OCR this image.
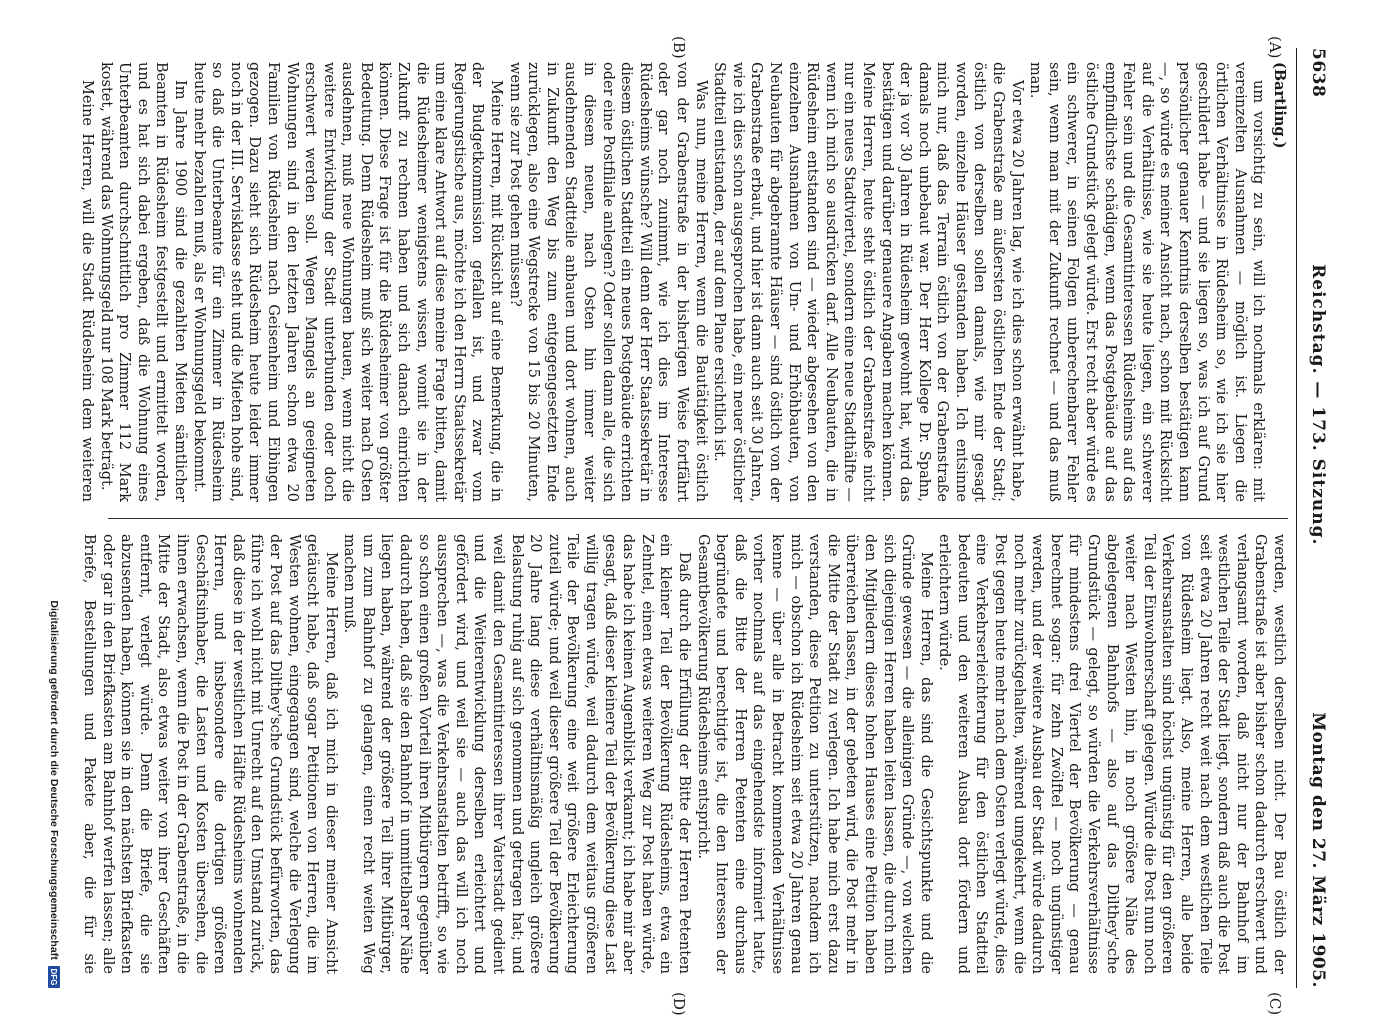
5638
Reichstag. — 173. Sitzung.
Montag den 27. März 1905.
(A)
(B)
(C)
(D)

(Bartling.)

um vorsichtig zu sein, will ich nochmals erklären: mit vereinzelten Ausnahmen — möglich ist. Liegen die örtlichen Verhältnisse in Rüdesheim so, wie ich sie hier geschildert habe — und sie liegen so, was ich auf Grund persönlicher genauer Kenntnis derselben bestätigen kann —, so würde es meiner Ansicht nach, schon mit Rücksicht auf die Verhältnisse, wie sie heute liegen, ein schwerer Fehler sein und die Gesamtinteressen Rüdesheims auf das empfindlichste schädigen, wenn das Postgebäude auf das östliche Grundstück gelegt würde. Erst recht aber würde es ein schwerer, in seinen Folgen unberechenbarer Fehler sein, wenn man mit der Zukunft rechnet — und das muß man.

Vor etwa 20 Jahren lag, wie ich dies schon erwähnt habe, die Grabenstraße am äußersten östlichen Ende der Stadt; östlich von derselben sollen damals, wie mir gesagt worden, einzelne Häuser gestanden haben. Ich entsinne mich nur, daß das Terrain östlich von der Grabenstraße damals noch unbebaut war. Der Herr Kollege Dr. Spahn, der ja vor 30 Jahren in Rüdesheim gewohnt hat, wird das bestätigen und darüber genauere Angaben machen können. Meine Herren, heute steht östlich der Grabenstraße nicht nur ein neues Stadtviertel, sondern eine neue Stadthälfte — wenn ich mich so ausdrücken darf. Alle Neubauten, die in Rüdesheim entstanden sind — wieder abgesehen von den einzelnen Ausnahmen von Um- und Erhöhbauten, von Neubauten für abgebrannte Häuser — sind östlich von der Grabenstraße erbaut, und hier ist dann auch seit 30 Jahren, wie ich dies schon ausgesprochen habe, ein neuer östlicher Stadtteil entstanden, der auf dem Plane ersichtlich ist.

Was nun, meine Herren, wenn die Bautätigkeit östlich von der Grabenstraße in der bisherigen Weise fortfährt oder gar noch zunimmt, wie ich dies im Interesse Rüdesheims wünsche? Will denn der Herr Staatssekretär in diesem östlichen Stadtteil ein neues Postgebäude errichten oder eine Postfiliale anlegen? Oder sollen dann alle, die sich in diesem neuen, nach Osten hin immer weiter ausdehnenden Stadtteile anbauen und dort wohnen, auch in Zukunft den Weg bis zum entgegengesetzten Ende zurücklegen, also eine Wegstrecke von 15 bis 20 Minuten, wenn sie zur Post gehen müssen?

Meine Herren, mit Rücksicht auf eine Bemerkung, die in der Budgetkommission gefallen ist, und zwar vom Regierungstische aus, möchte ich den Herrn Staatssekretär um eine klare Antwort auf diese meine Frage bitten, damit die Rüdesheimer wenigstens wissen, womit sie in der Zukunft zu rechnen haben und sich danach einrichten können. Diese Frage ist für die Rüdesheimer von größter Bedeutung. Denn Rüdesheim muß sich weiter nach Osten ausdehnen, muß neue Wohnungen bauen, wenn nicht die weitere Entwicklung der Stadt unterbunden oder doch erschwert werden soll. Wegen Mangels an geeigneten Wohnungen sind in den letzten Jahren schon etwa 20 Familien von Rüdesheim nach Geisenheim und Eibingen gezogen. Dazu sieht sich Rüdesheim heute leider immer noch in der III. Servisklasse steht und die Mieten hohe sind, so daß die Unterbeamte für ein Zimmer in Rüdesheim heute mehr bezahlen muß, als er Wohnungsgeld bekommt.

Im Jahre 1900 sind die gezahlten Mieten sämtlicher Beamten in Rüdesheim festgestellt und ermittelt worden, und es hat sich dabei ergeben, daß die Wohnung eines Unterbeamten durchschnittlich pro Zimmer 112 Mark kostet, während das Wohnungsgeld nur 108 Mark beträgt.

Meine Herren, will die Stadt Rüdesheim dem weiteren

werden, westlich derselben nicht. Der Bau östlich der Grabenstraße ist aber bisher schon dadurch erschwert und verlangsamt worden, daß nicht nur der Bahnhof im westlichen Teile der Stadt liegt, sondern daß auch die Post seit etwa 20 Jahren recht weit nach dem westlichen Teile von Rüdesheim liegt. Also, meine Herren, alle beide Verkehrsanstalten sind höchst ungünstig für den größeren Teil der Einwohnerschaft gelegen. Würde die Post nun noch weiter nach Westen hin, in noch größere Nähe des abgelegenen Bahnhofs — also auf das Dilthey'sche Grundstück — gelegt, so würden die Verkehrsverhältnisse für mindestens drei Viertel der Bevölkerung — genau berechnet sogar: für zehn Zwölftel — noch ungünstiger werden, und der weitere Ausbau der Stadt würde dadurch noch mehr zurückgehalten, während umgekehrt, wenn die Post gegen heute mehr nach dem Osten verlegt würde, dies eine Verkehrserleichterung für den östlichen Stadtteil bedeuten und den weiteren Ausbau dort fördern und erleichtern würde.

Meine Herren, das sind die Gesichtspunkte und die Gründe gewesen — die alleinigen Gründe —, von welchen sich diejenigen Herren haben leiten lassen, die durch mich den Mitgliedern dieses hohen Hauses eine Petition haben überreichen lassen, in der gebeten wird, die Post mehr in die Mitte der Stadt zu verlegen. Ich habe mich erst dazu verstanden, diese Petition zu unterstützen, nachdem ich mich — obschon ich Rüdesheim seit etwa 20 Jahren genau kenne — über alle in Betracht kommenden Verhältnisse vorher nochmals auf das eingehendste informiert hatte, daß die Bitte der Herren Petenten eine durchaus begründete und berechtigte ist, die den Interessen der Gesamtbevölkerung Rüdesheims entspricht.

Daß durch die Erfüllung der Bitte der Herren Petenten ein kleiner Teil der Bevölkerung Rüdesheims, etwa ein Zehntel, einen etwas weiteren Weg zur Post haben würde, das habe ich keinen Augenblick verkannt; ich habe mir aber gesagt, daß dieser kleinere Teil der Bevölkerung diese Last willig tragen würde, weil dadurch dem weitaus größeren Teile der Bevölkerung eine weit größere Erleichterung zuteil würde; und weil dieser größere Teil der Bevölkerung 20 Jahre lang diese verhältnismäßig ungleich größere Belastung ruhig auf sich genommen und getragen hat; und weil damit den Gesamtinteressen ihrer Vaterstadt gedient und die Weiterentwicklung derselben erleichtert und gefördert wird, und weil sie — auch das will ich noch aussprechen —, was die Verkehrsanstalten betrifft, so wie so schon einen großen Vorteil ihren Mitbürgern gegenüber dadurch haben, daß sie den Bahnhof in unmittelbarer Nähe liegen haben, während der größere Teil ihrer Mitbürger, um zum Bahnhof zu gelangen, einen recht weiten Weg machen muß.

Meine Herren, daß ich mich in dieser meiner Ansicht getäuscht habe, daß sogar Petitionen von Herren, die im Westen wohnen, eingegangen sind, welche die Verlegung der Post auf das Dilthey'sche Grundstück befürworten, das führe ich wohl nicht mit Unrecht auf den Umstand zurück, daß diese in der westlichen Hälfte Rüdesheims wohnenden Herren, und insbesondere die dortigen größeren Geschäftsinhaber, die Lasten und Kosten übersehen, die ihnen erwachsen, wenn die Post in der Grabenstraße, in die Mitte der Stadt, also etwas weiter von ihrer Geschäften entfernt, verlegt würde. Denn die Briefe, die sie abzusenden haben, können sie in den nächsten Briefkasten oder gar in den Briefkasten am Bahnhof werfen lassen; alle Briefe, Bestellungen und Pakete aber, die für sie

Digitalisierung gefördert durch die Deutsche Forschungsgemeinschaft
DFG
